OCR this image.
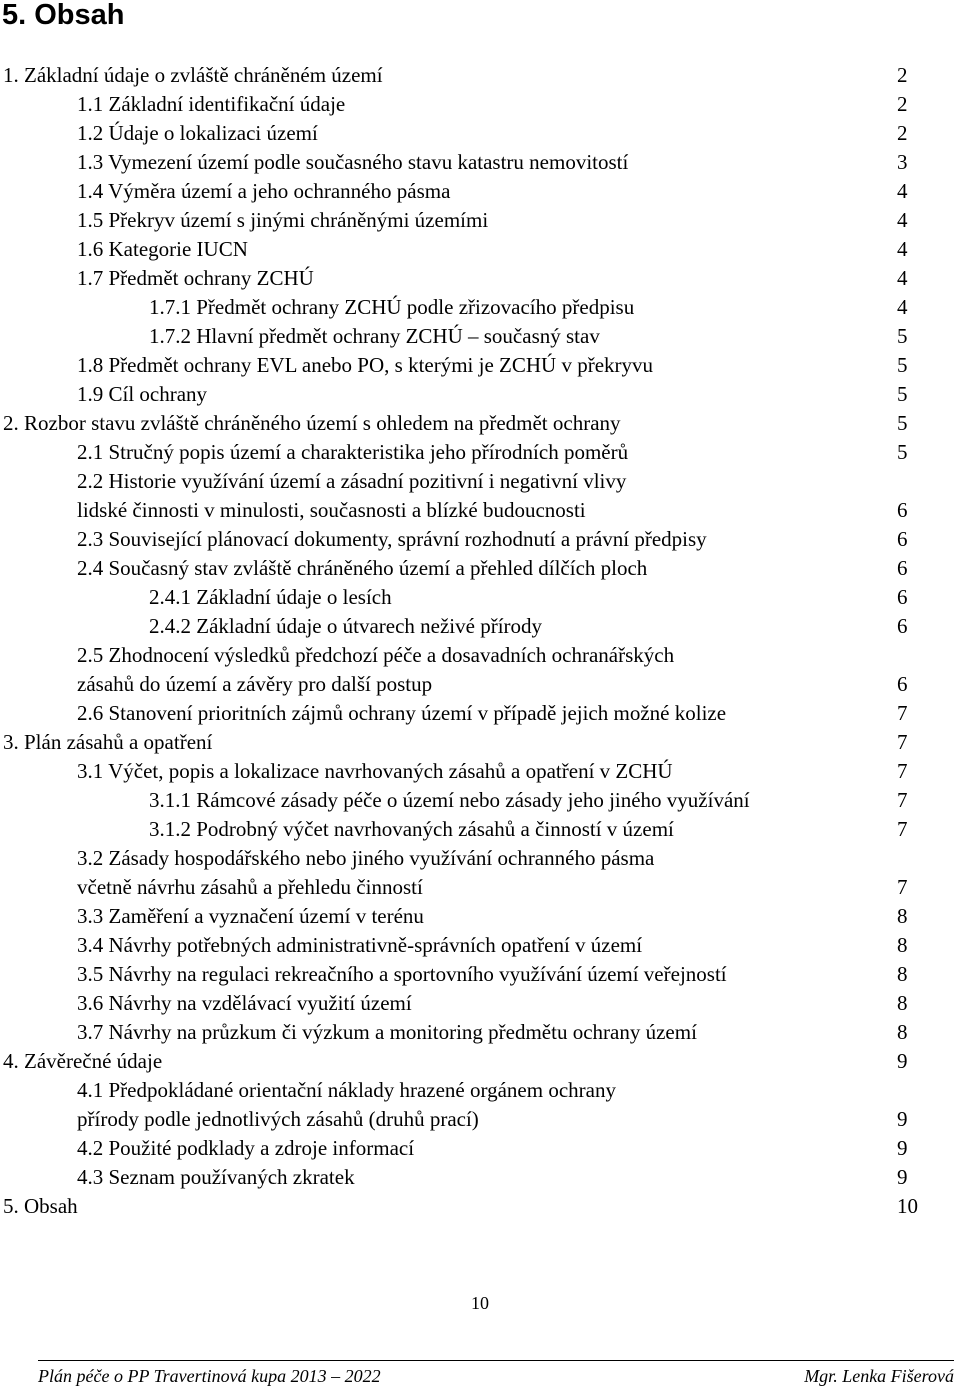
5. Obsah
1. Základní údaje o zvláště chráněném území	2
1.1 Základní identifikační údaje	2
1.2 Údaje o lokalizaci území	2
1.3 Vymezení území podle současného stavu katastru nemovitostí	3
1.4 Výměra území a jeho ochranného pásma	4
1.5 Překryv území s jinými chráněnými územími	4
1.6 Kategorie IUCN	4
1.7 Předmět ochrany ZCHÚ	4
1.7.1 Předmět ochrany ZCHÚ podle zřizovacího předpisu	4
1.7.2 Hlavní předmět ochrany ZCHÚ – současný stav	5
1.8 Předmět ochrany EVL anebo PO, s kterými je ZCHÚ v překryvu	5
1.9 Cíl ochrany	5
2. Rozbor stavu zvláště chráněného území s ohledem na předmět ochrany	5
2.1 Stručný popis území a charakteristika jeho přírodních poměrů	5
2.2 Historie využívání území a zásadní pozitivní i negativní vlivy
lidské činnosti v minulosti, současnosti a blízké budoucnosti	6
2.3 Související plánovací dokumenty, správní rozhodnutí a právní předpisy	6
2.4 Současný stav zvláště chráněného území a přehled dílčích ploch	6
2.4.1 Základní údaje o lesích	6
2.4.2 Základní údaje o útvarech neživé přírody	6
2.5 Zhodnocení výsledků předchozí péče a dosavadních ochranářských
zásahů do území a závěry pro další postup	6
2.6 Stanovení prioritních zájmů ochrany území v případě jejich možné kolize	7
3. Plán zásahů a opatření	7
3.1 Výčet, popis a lokalizace navrhovaných zásahů a opatření v ZCHÚ	7
3.1.1 Rámcové zásady péče o území nebo zásady jeho jiného využívání	7
3.1.2 Podrobný výčet navrhovaných zásahů a činností v území	7
3.2 Zásady hospodářského nebo jiného využívání ochranného pásma
včetně návrhu zásahů a přehledu činností	7
3.3 Zaměření a vyznačení území v terénu	8
3.4 Návrhy potřebných administrativně-správních opatření v území	8
3.5 Návrhy na regulaci rekreačního a sportovního využívání území veřejností	8
3.6 Návrhy na vzdělávací využití území	8
3.7 Návrhy na průzkum či výzkum a monitoring předmětu ochrany území	8
4. Závěrečné údaje	9
4.1 Předpokládané orientační náklady hrazené orgánem ochrany
přírody podle jednotlivých zásahů (druhů prací)	9
4.2 Použité podklady a zdroje informací	9
4.3 Seznam používaných zkratek	9
5. Obsah	10
10
Plán péče o PP Travertinová kupa 2013 – 2022	Mgr. Lenka Fišerová
